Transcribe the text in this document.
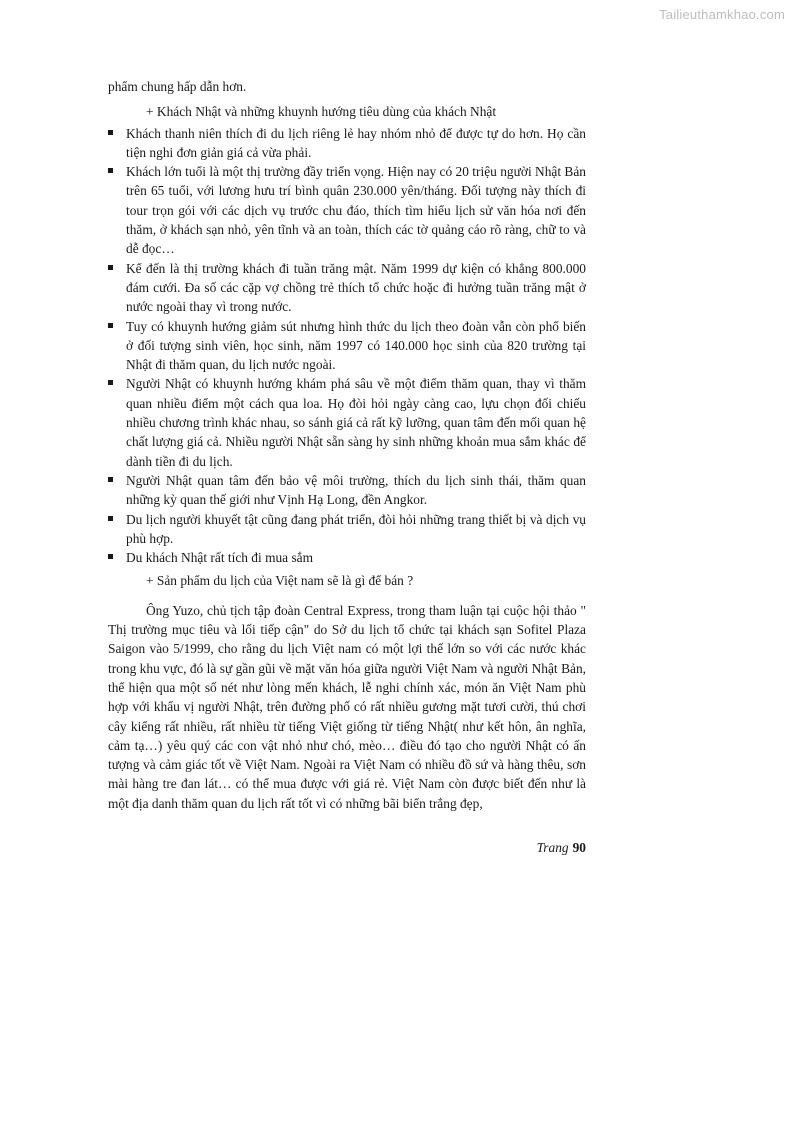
Tailieuthamkhao.com

phẩm chung hấp dẫn hơn.

+ Khách Nhật và những khuynh hướng tiêu dùng của khách Nhật

Khách thanh niên thích đi du lịch riêng lẻ hay nhóm nhỏ để được tự do hơn. Họ cần tiện nghi đơn giản giá cả vừa phải.
Khách lớn tuổi là một thị trường đầy triển vọng. Hiện nay có 20 triệu người Nhật Bản trên 65 tuổi, với lương hưu trí bình quân 230.000 yên/tháng. Đối tượng này thích đi tour trọn gói với các dịch vụ trước chu đáo, thích tìm hiểu lịch sử văn hóa nơi đến thăm, ở khách sạn nhỏ, yên tĩnh và an toàn, thích các tờ quảng cáo rõ ràng, chữ to và dễ đọc…
Kể đến là thị trường khách đi tuần trăng mật. Năm 1999 dự kiện có khẳng 800.000 đám cưới. Đa số các cặp vợ chồng trẻ thích tổ chức hoặc đi hưởng tuần trăng mật ở nước ngoài thay vì trong nước.
Tuy có khuynh hướng giảm sút nhưng hình thức du lịch theo đoàn vẫn còn phổ biến ở đối tượng sinh viên, học sinh, năm 1997 có 140.000 học sinh của 820 trường tại Nhật đi thăm quan, du lịch nước ngoài.
Người Nhật có khuynh hướng khám phá sâu về một điểm thăm quan, thay vì thăm quan nhiều điểm một cách qua loa. Họ đòi hỏi ngày càng cao, lựu chọn đối chiếu nhiều chương trình khác nhau, so sánh giá cả rất kỹ lưỡng, quan tâm đến mối quan hệ chất lượng giá cả. Nhiều người Nhật sẵn sàng hy sinh những khoản mua sắm khác để dành tiền đi du lịch.
Người Nhật quan tâm đến bảo vệ môi trường, thích du lịch sinh thái, thăm quan những kỳ quan thế giới như Vịnh Hạ Long, đền Angkor.
Du lịch người khuyết tật cũng đang phát triển, đòi hỏi những trang thiết bị và dịch vụ phù hợp.
Du khách Nhật rất tích đi mua sắm

+ Sản phẩm du lịch của Việt nam sẽ là gì để bán ?

Ông Yuzo, chủ tịch tập đoàn Central Express, trong tham luận tại cuộc hội thảo " Thị trường mục tiêu và lối tiếp cận" do Sở du lịch tổ chức tại khách sạn Sofitel Plaza Saigon vào 5/1999, cho rằng du lịch Việt nam có một lợi thế lớn so với các nước khác trong khu vực, đó là sự gần gũi về mặt văn hóa giữa người Việt Nam và người Nhật Bản, thể hiện qua một số nét như lòng mến khách, lễ nghi chính xác, món ăn Việt Nam phù hợp với khẩu vị người Nhật, trên đường phố có rất nhiều gương mặt tươi cười, thú chơi cây kiểng rất nhiều, rất nhiều từ tiếng Việt giống từ tiếng Nhật( như kết hôn, ân nghĩa, cảm tạ…) yêu quý các con vật nhỏ như chó, mèo… điều đó tạo cho người Nhật có ấn tượng và cảm giác tốt về Việt Nam. Ngoài ra Việt Nam có nhiều đồ sứ và hàng thêu, sơn mài hàng tre đan lát… có thể mua được với giá rẻ. Việt Nam còn được biết đến như là một địa danh thăm quan du lịch rất tốt vì có những bãi biển trắng đẹp,

Trang 90
